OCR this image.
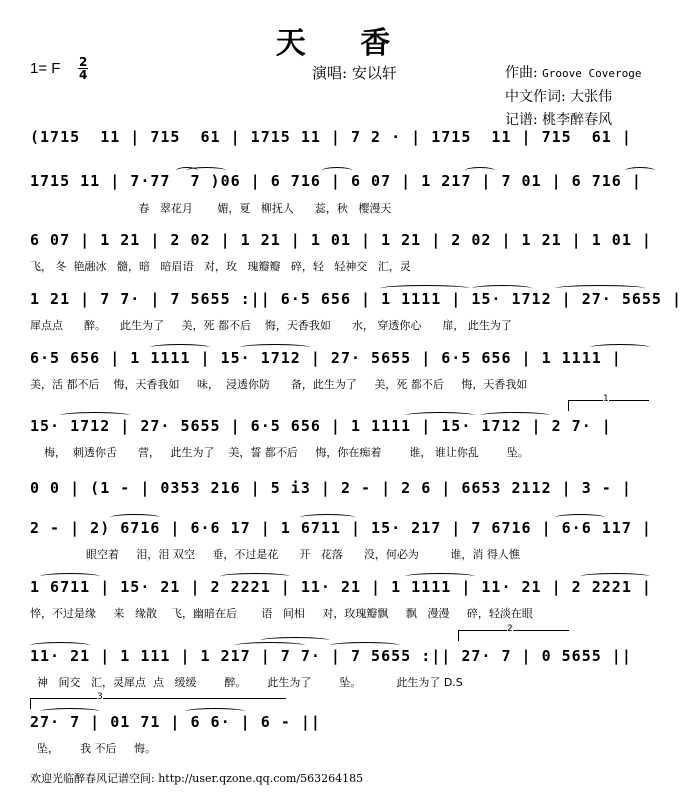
天 香
1= F 2
4	演唱: 安以轩	作曲: Groove Coveroge
中文作词: 大张伟
记谱: 桃李醉春风
(1715  11 | 715  61 | 1715 11 | 7 2 · | 1715  11 | 715  61 |
1715 11 | 7·77  7 )06 | 6 716 | 6 07 | 1 217 | 7 01 | 6 716 |
春   翠花月       媚，夏   柳抚人      蕊，秋   樱漫天
6 07 | 1 21 | 2 02 | 1 21 | 1 01 | 1 21 | 2 02 | 1 21 | 1 01 |
飞， 冬  艳融冰   髓，暗   暗眉语   对，玫   瑰瓣瓣   碎，轻   轻神交   汇，灵
1 21 | 7 7· | 7 5655 :|| 6·5 656 | 1 1111 | 15· 1712 | 27· 5655 |
犀点点      醉。    此生为了     美，死 都不后    悔，天香我如      水， 穿透你心      扉， 此生为了
6·5 656 | 1 1111 | 15· 1712 | 27· 5655 | 6·5 656 | 1 1111 |
美，活 都不后    悔，天香我如     味，  浸透你防      备，此生为了     美，死 都不后     悔，天香我如
15· 1712 | 27· 5655 | 6·5 656 | 1 1111 | 15· 1712 | 2 7· |
梅，  刺透你舌      营，   此生为了    美，誓 都不后     悔，你在痴着        谁， 谁让你乱        坠。
0 0 | (1 - | 0353 216 | 5 i3 | 2 - | 2 6 | 6653 2112 | 3 - |
2 - | 2) 6716 | 6·6 17 | 1 6711 | 15· 217 | 7 6716 | 6·6 117 |
眼空着     泪，泪 双空     垂，不过是花      开   花落      没，何必为         谁，消 得人憔
1 6711 | 15· 21 | 2 2221 | 11· 21 | 1 1111 | 11· 21 | 2 2221 |
悴，不过是缘     来   缘散    飞，幽暗在后       语   间相     对，玫瑰瓣飘     飘   漫漫     碎，轻淡在眼
11· 21 | 1 111 | 1 217 | 7 7· | 7 5655 :|| 27· 7 | 0 5655 ||
神   间交   汇，灵犀点  点   缓缓        醉。      此生为了        坠。          此生为了 D.S
27· 7 | 01 71 | 6 6· | 6 - ||
坠，      我 不后     悔。
1
2
3
欢迎光临醉春风记谱空间: http://user.qzone.qq.com/563264185
